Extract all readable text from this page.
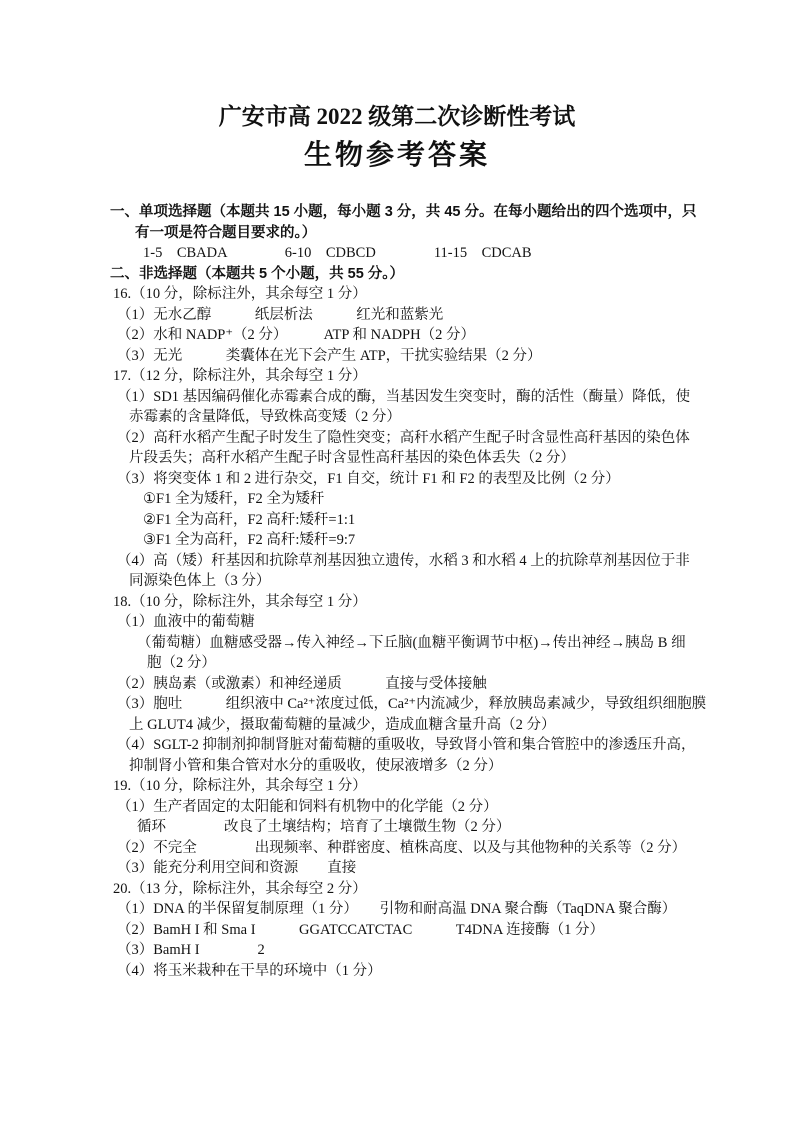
广安市高 2022 级第二次诊断性考试
生物参考答案

一、单项选择题（本题共 15 小题，每小题 3 分，共 45 分。在每小题给出的四个选项中，只

有一项是符合题目要求的。）

1-5　CBADA　　　　6-10　CDBCD　　　　11-15　CDCAB

二、非选择题（本题共 5 个小题，共 55 分。）

16.（10 分，除标注外，其余每空 1 分）

（1）无水乙醇　　　纸层析法　　　红光和蓝紫光

（2）水和 NADP⁺（2 分）　　　ATP 和 NADPH（2 分）

（3）无光　　　类囊体在光下会产生 ATP，干扰实验结果（2 分）

17.（12 分，除标注外，其余每空 1 分）

（1）SD1 基因编码催化赤霉素合成的酶，当基因发生突变时，酶的活性（酶量）降低，使

赤霉素的含量降低，导致株高变矮（2 分）

（2）高秆水稻产生配子时发生了隐性突变；高秆水稻产生配子时含显性高秆基因的染色体

片段丢失；高秆水稻产生配子时含显性高秆基因的染色体丢失（2 分）

（3）将突变体 1 和 2 进行杂交，F1 自交，统计 F1 和 F2 的表型及比例（2 分）

①F1 全为矮秆，F2 全为矮秆

②F1 全为高秆，F2 高秆:矮秆=1:1

③F1 全为高秆，F2 高秆:矮秆=9:7

（4）高（矮）秆基因和抗除草剂基因独立遗传，水稻 3 和水稻 4 上的抗除草剂基因位于非

同源染色体上（3 分）

18.（10 分，除标注外，其余每空 1 分）

（1）血液中的葡萄糖

（葡萄糖）血糖感受器→传入神经→下丘脑(血糖平衡调节中枢)→传出神经→胰岛 B 细

胞（2 分）

（2）胰岛素（或激素）和神经递质　　　直接与受体接触

（3）胞吐　　　组织液中 Ca²⁺浓度过低，Ca²⁺内流减少，释放胰岛素减少，导致组织细胞膜

上 GLUT4 减少，摄取葡萄糖的量减少，造成血糖含量升高（2 分）

（4）SGLT-2 抑制剂抑制肾脏对葡萄糖的重吸收，导致肾小管和集合管腔中的渗透压升高，

抑制肾小管和集合管对水分的重吸收，使尿液增多（2 分）

19.（10 分，除标注外，其余每空 1 分）

（1）生产者固定的太阳能和饲料有机物中的化学能（2 分）

循环　　　　改良了土壤结构；培育了土壤微生物（2 分）

（2）不完全　　　　出现频率、种群密度、植株高度、以及与其他物种的关系等（2 分）

（3）能充分利用空间和资源　　直接

20.（13 分，除标注外，其余每空 2 分）

（1）DNA 的半保留复制原理（1 分）　　引物和耐高温 DNA 聚合酶（TaqDNA 聚合酶）

（2）BamH I 和 Sma I　　　GGATCCATCTAC　　　T4DNA 连接酶（1 分）

（3）BamH I　　　　2

（4）将玉米栽种在干旱的环境中（1 分）
